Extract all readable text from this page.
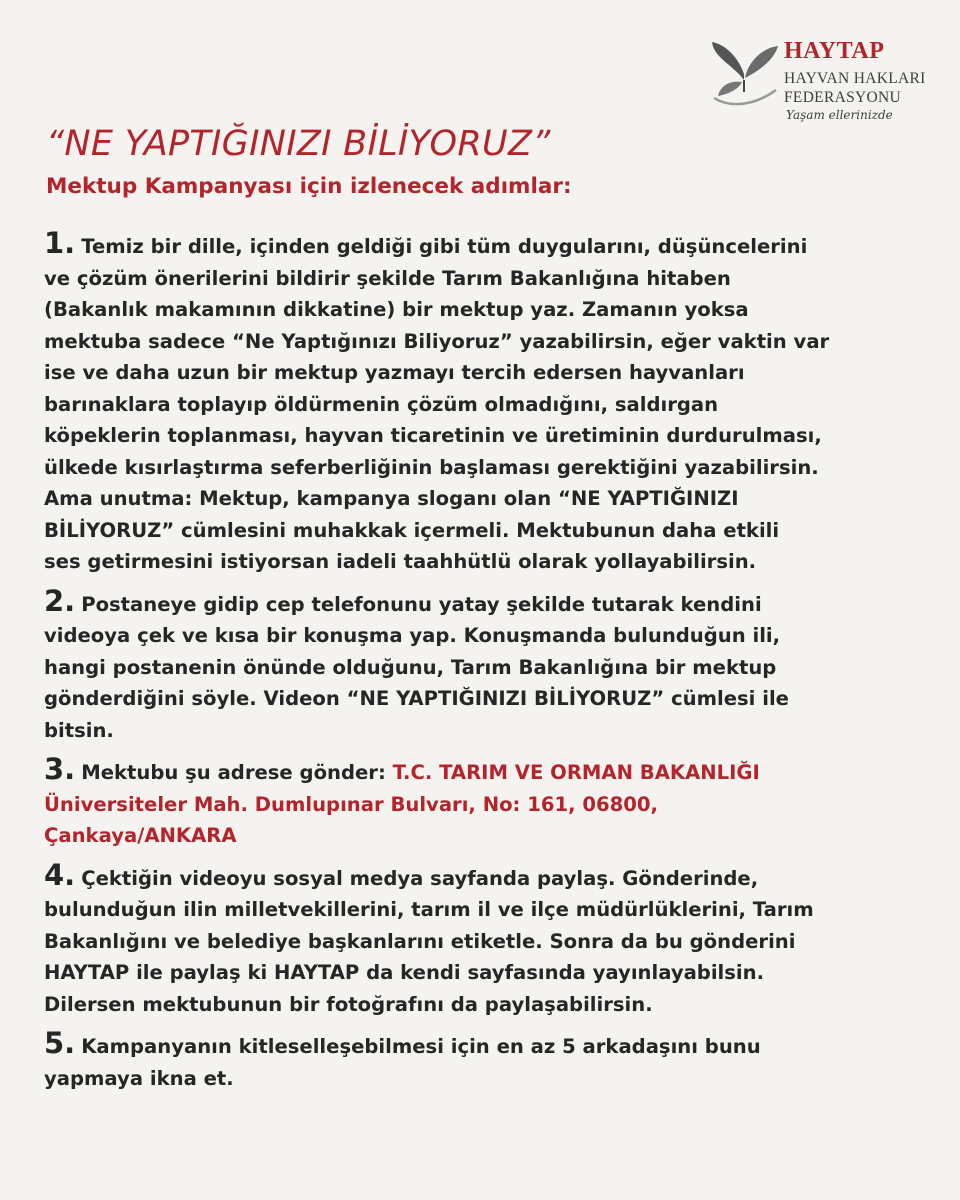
HAYTAP
HAYVAN HAKLARI
FEDERASYONU
Yaşam ellerinizde
“NE YAPTIĞINIZI BİLİYORUZ”
Mektup Kampanyası için izlenecek adımlar:
1. Temiz bir dille, içinden geldiği gibi tüm duygularını, düşüncelerini
ve çözüm önerilerini bildirir şekilde Tarım Bakanlığına hitaben
(Bakanlık makamının dikkatine) bir mektup yaz. Zamanın yoksa
mektuba sadece “Ne Yaptığınızı Biliyoruz” yazabilirsin, eğer vaktin var
ise ve daha uzun bir mektup yazmayı tercih edersen hayvanları
barınaklara toplayıp öldürmenin çözüm olmadığını, saldırgan
köpeklerin toplanması, hayvan ticaretinin ve üretiminin durdurulması,
ülkede kısırlaştırma seferberliğinin başlaması gerektiğini yazabilirsin.
Ama unutma: Mektup, kampanya sloganı olan “NE YAPTIĞINIZI
BİLİYORUZ” cümlesini muhakkak içermeli. Mektubunun daha etkili
ses getirmesini istiyorsan iadeli taahhütlü olarak yollayabilirsin.
2. Postaneye gidip cep telefonunu yatay şekilde tutarak kendini
videoya çek ve kısa bir konuşma yap. Konuşmanda bulunduğun ili,
hangi postanenin önünde olduğunu, Tarım Bakanlığına bir mektup
gönderdiğini söyle. Videon “NE YAPTIĞINIZI BİLİYORUZ” cümlesi ile
bitsin.
3. Mektubu şu adrese gönder: T.C. TARIM VE ORMAN BAKANLIĞI
Üniversiteler Mah. Dumlupınar Bulvarı, No: 161, 06800,
Çankaya/ANKARA
4. Çektiğin videoyu sosyal medya sayfanda paylaş. Gönderinde,
bulunduğun ilin milletvekillerini, tarım il ve ilçe müdürlüklerini, Tarım
Bakanlığını ve belediye başkanlarını etiketle. Sonra da bu gönderini
HAYTAP ile paylaş ki HAYTAP da kendi sayfasında yayınlayabilsin.
Dilersen mektubunun bir fotoğrafını da paylaşabilirsin.
5. Kampanyanın kitleselleşebilmesi için en az 5 arkadaşını bunu
yapmaya ikna et.
